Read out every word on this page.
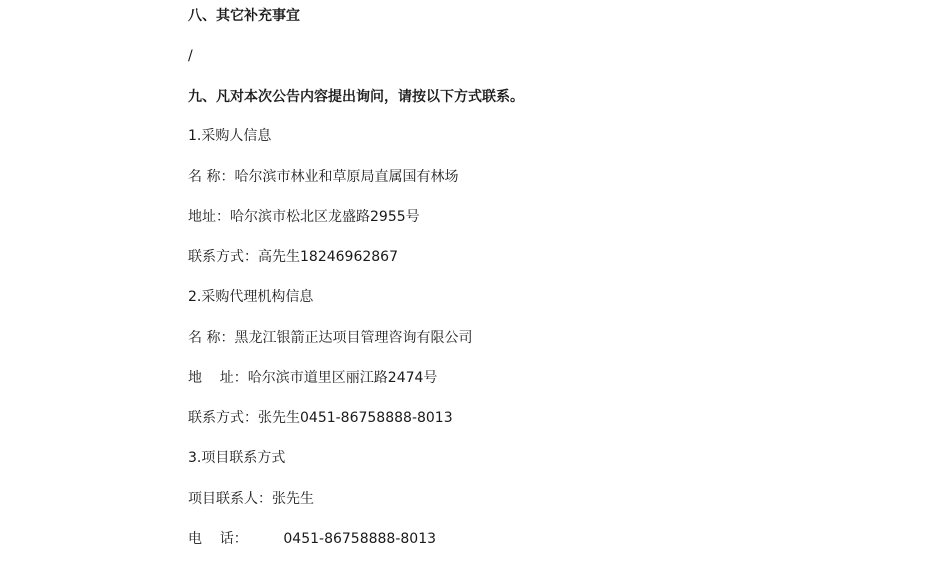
八、其它补充事宜
/
九、凡对本次公告内容提出询问，请按以下方式联系。
1.采购人信息
名 称：哈尔滨市林业和草原局直属国有林场
地址：哈尔滨市松北区龙盛路2955号
联系方式：高先生18246962867
2.采购代理机构信息
名 称：黑龙江银箭正达项目管理咨询有限公司
地    址：哈尔滨市道里区丽江路2474号
联系方式：张先生0451-86758888-8013
3.项目联系方式
项目联系人：张先生
电    话：        0451-86758888-8013
